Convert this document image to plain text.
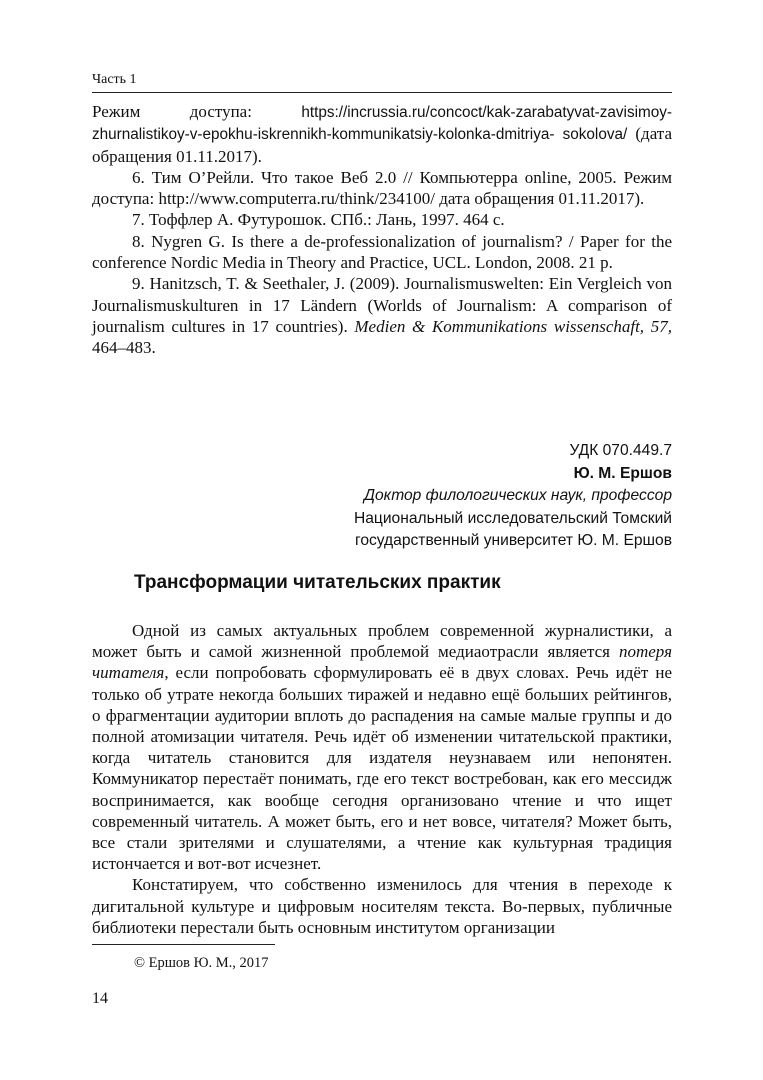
Часть 1

Режим доступа: https://incrussia.ru/concoct/kak-zarabatyvat-zavisimoy-zhurnalistikoy-v-epokhu-iskrennikh-kommunikatsiy-kolonka-dmitriya- sokolova/ (дата обращения 01.11.2017).

6. Тим О’Рейли. Что такое Веб 2.0 // Компьютерра online, 2005. Режим доступа: http://www.computerra.ru/think/234100/ дата обращения 01.11.2017).

7. Тоффлер А. Футурошок. СПб.: Лань, 1997. 464 с.

8. Nygren G. Is there a de-professionalization of journalism? / Paper for the conference Nordic Media in Theory and Practice, UCL. London, 2008. 21 p.

9. Hanitzsch, T. & Seethaler, J. (2009). Journalismuswelten: Ein Vergleich von Journalismuskulturen in 17 Ländern (Worlds of Journalism: A comparison of journalism cultures in 17 countries). Medien & Kommunikations wissenschaft, 57, 464–483.

УДК 070.449.7
Ю. М. Ершов
Доктор филологических наук, профессор
Национальный исследовательский Томский
государственный университет Ю. М. Ершов
Трансформации читательских практик

Одной из самых актуальных проблем современной журналистики, а может быть и самой жизненной проблемой медиаотрасли является потеря читателя, если попробовать сформулировать её в двух словах. Речь идёт не только об утрате некогда больших тиражей и недавно ещё больших рейтингов, о фрагментации аудитории вплоть до распадения на самые малые группы и до полной атомизации читателя. Речь идёт об изменении читательской практики, когда читатель становится для издателя неузнаваем или непонятен. Коммуникатор перестаёт понимать, где его текст востребован, как его мессидж воспринимается, как вообще сегодня организовано чтение и что ищет современный читатель. А может быть, его и нет вовсе, читателя? Может быть, все стали зрителями и слушателями, а чтение как культурная традиция истончается и вот-вот исчезнет.

Констатируем, что собственно изменилось для чтения в переходе к дигитальной культуре и цифровым носителям текста. Во-первых, публичные библиотеки перестали быть основным институтом организации

© Ершов Ю. М., 2017
14
